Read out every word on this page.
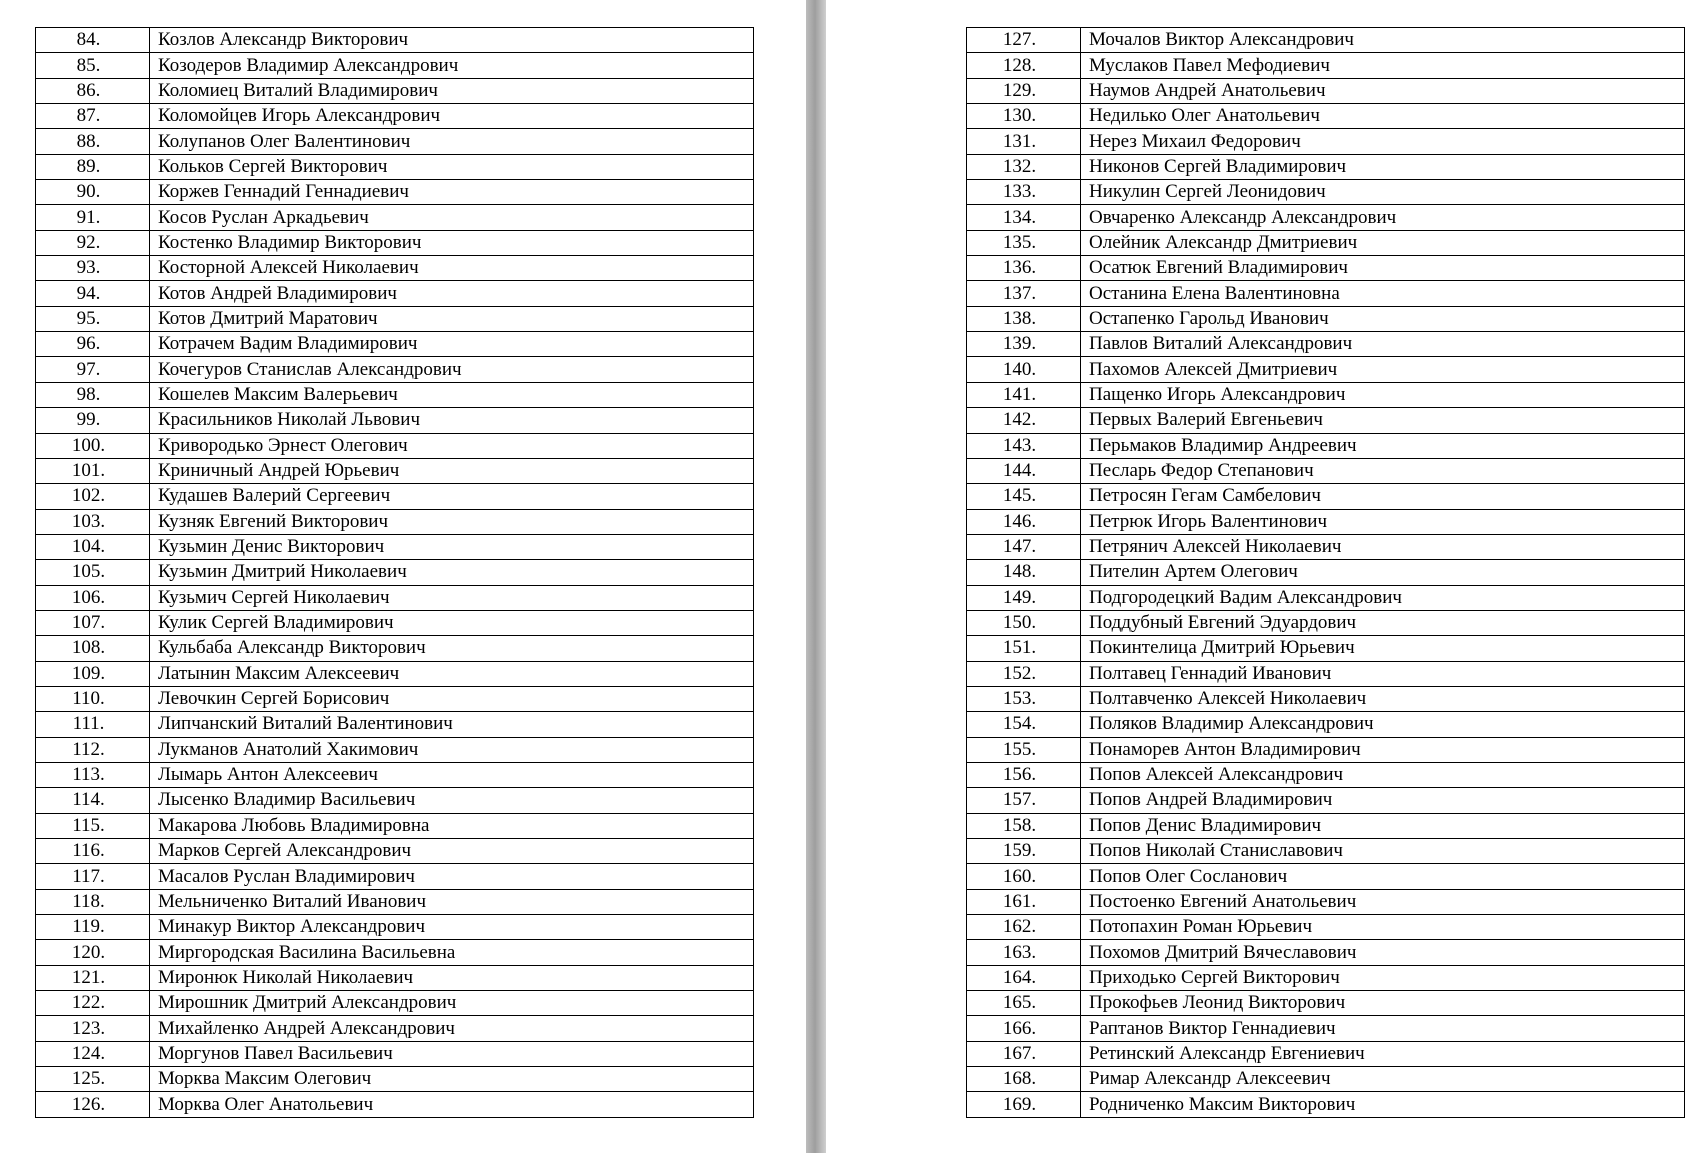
84.	Козлов Александр Викторович
85.	Козодеров Владимир Александрович
86.	Коломиец Виталий Владимирович
87.	Коломойцев Игорь Александрович
88.	Колупанов Олег Валентинович
89.	Кольков Сергей Викторович
90.	Коржев Геннадий Геннадиевич
91.	Косов Руслан Аркадьевич
92.	Костенко Владимир Викторович
93.	Косторной Алексей Николаевич
94.	Котов Андрей Владимирович
95.	Котов Дмитрий Маратович
96.	Котрачем Вадим Владимирович
97.	Кочегуров Станислав Александрович
98.	Кошелев Максим Валерьевич
99.	Красильников Николай Львович
100.	Кривородько Эрнест Олегович
101.	Криничный Андрей Юрьевич
102.	Кудашев Валерий Сергеевич
103.	Кузняк Евгений Викторович
104.	Кузьмин Денис Викторович
105.	Кузьмин Дмитрий Николаевич
106.	Кузьмич Сергей Николаевич
107.	Кулик Сергей Владимирович
108.	Кульбаба Александр Викторович
109.	Латынин Максим Алексеевич
110.	Левочкин Сергей Борисович
111.	Липчанский Виталий Валентинович
112.	Лукманов Анатолий Хакимович
113.	Лымарь Антон Алексеевич
114.	Лысенко Владимир Васильевич
115.	Макарова Любовь Владимировна
116.	Марков Сергей Александрович
117.	Масалов Руслан Владимирович
118.	Мельниченко Виталий Иванович
119.	Минакур Виктор Александрович
120.	Миргородская Василина Васильевна
121.	Миронюк Николай Николаевич
122.	Мирошник Дмитрий Александрович
123.	Михайленко Андрей Александрович
124.	Моргунов Павел Васильевич
125.	Морква Максим Олегович
126.	Морква Олег Анатольевич
127.	Мочалов Виктор Александрович
128.	Муслаков Павел Мефодиевич
129.	Наумов Андрей Анатольевич
130.	Недилько Олег Анатольевич
131.	Нерез Михаил Федорович
132.	Никонов Сергей Владимирович
133.	Никулин Сергей Леонидович
134.	Овчаренко Александр Александрович
135.	Олейник Александр Дмитриевич
136.	Осатюк Евгений Владимирович
137.	Останина Елена Валентиновна
138.	Остапенко Гарольд Иванович
139.	Павлов Виталий Александрович
140.	Пахомов Алексей Дмитриевич
141.	Пащенко Игорь Александрович
142.	Первых Валерий Евгеньевич
143.	Перьмаков Владимир Андреевич
144.	Песларь Федор Степанович
145.	Петросян Гегам Самбелович
146.	Петрюк Игорь Валентинович
147.	Петрянич Алексей Николаевич
148.	Пителин Артем Олегович
149.	Подгородецкий Вадим Александрович
150.	Поддубный Евгений Эдуардович
151.	Покинтелица Дмитрий Юрьевич
152.	Полтавец Геннадий Иванович
153.	Полтавченко Алексей Николаевич
154.	Поляков Владимир Александрович
155.	Понаморев Антон Владимирович
156.	Попов Алексей Александрович
157.	Попов Андрей Владимирович
158.	Попов Денис Владимирович
159.	Попов Николай Станиславович
160.	Попов Олег Сосланович
161.	Постоенко Евгений Анатольевич
162.	Потопахин Роман Юрьевич
163.	Похомов Дмитрий Вячеславович
164.	Приходько Сергей Викторович
165.	Прокофьев Леонид Викторович
166.	Раптанов Виктор Геннадиевич
167.	Ретинский Александр Евгениевич
168.	Римар Александр Алексеевич
169.	Родниченко Максим Викторович
